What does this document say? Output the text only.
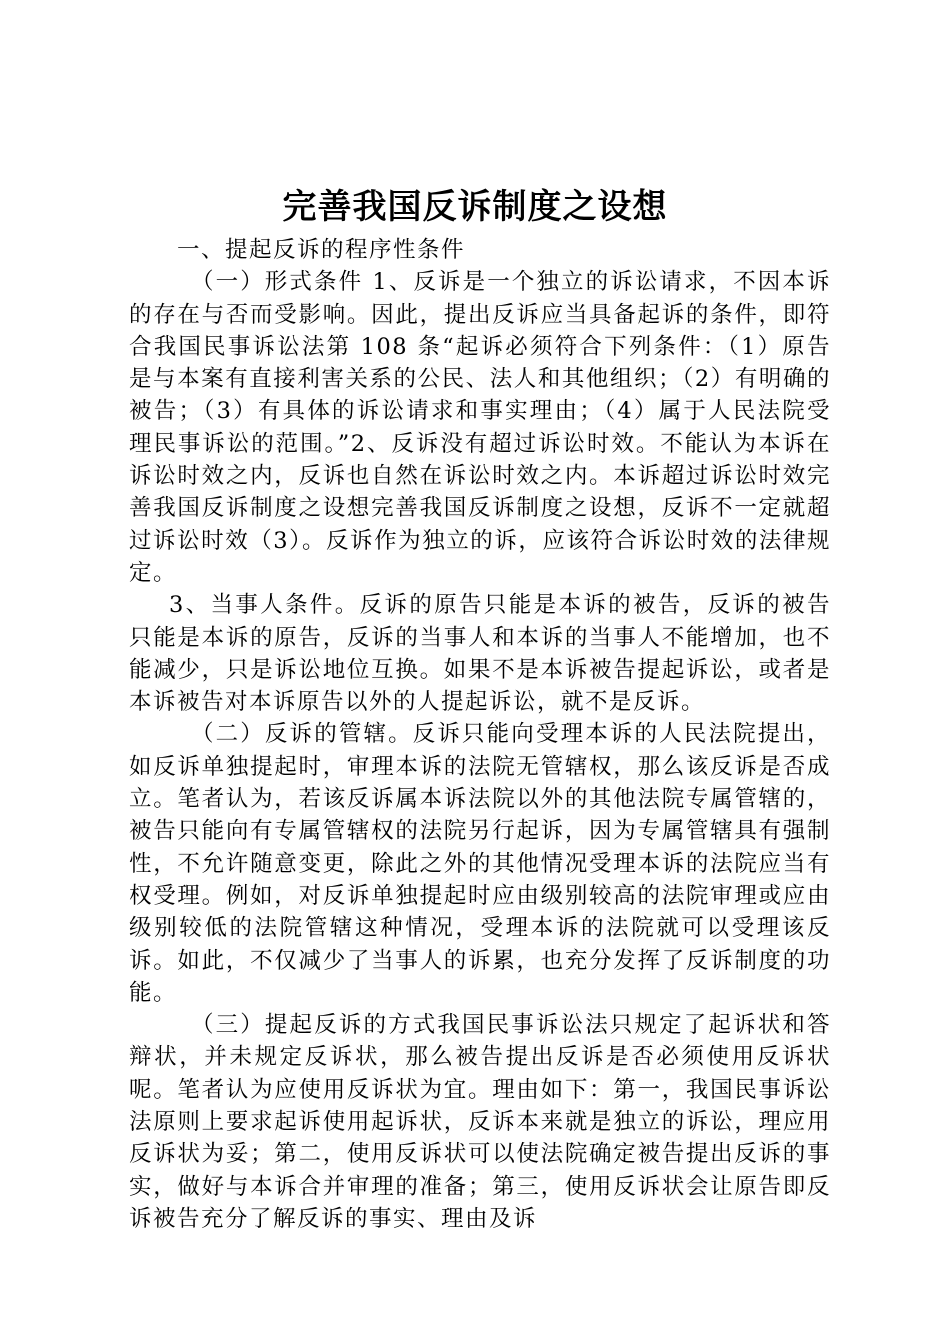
完善我国反诉制度之设想

一、提起反诉的程序性条件

（一）形式条件 1、反诉是一个独立的诉讼请求，不因本诉的存在与否而受影响。因此，提出反诉应当具备起诉的条件，即符合我国民事诉讼法第 108 条“起诉必须符合下列条件：（1）原告是与本案有直接利害关系的公民、法人和其他组织；（2）有明确的被告；（3）有具体的诉讼请求和事实理由；（4）属于人民法院受理民事诉讼的范围。”2、反诉没有超过诉讼时效。不能认为本诉在诉讼时效之内，反诉也自然在诉讼时效之内。本诉超过诉讼时效完善我国反诉制度之设想完善我国反诉制度之设想，反诉不一定就超过诉讼时效（3）。反诉作为独立的诉，应该符合诉讼时效的法律规定。

3、当事人条件。反诉的原告只能是本诉的被告，反诉的被告只能是本诉的原告，反诉的当事人和本诉的当事人不能增加，也不能减少，只是诉讼地位互换。如果不是本诉被告提起诉讼，或者是本诉被告对本诉原告以外的人提起诉讼，就不是反诉。

（二）反诉的管辖。反诉只能向受理本诉的人民法院提出，如反诉单独提起时，审理本诉的法院无管辖权，那么该反诉是否成立。笔者认为，若该反诉属本诉法院以外的其他法院专属管辖的，被告只能向有专属管辖权的法院另行起诉，因为专属管辖具有强制性，不允许随意变更，除此之外的其他情况受理本诉的法院应当有权受理。例如，对反诉单独提起时应由级别较高的法院审理或应由级别较低的法院管辖这种情况，受理本诉的法院就可以受理该反诉。如此，不仅减少了当事人的诉累，也充分发挥了反诉制度的功能。

（三）提起反诉的方式我国民事诉讼法只规定了起诉状和答辩状，并未规定反诉状，那么被告提出反诉是否必须使用反诉状呢。笔者认为应使用反诉状为宜。理由如下：第一，我国民事诉讼法原则上要求起诉使用起诉状，反诉本来就是独立的诉讼，理应用反诉状为妥；第二，使用反诉状可以使法院确定被告提出反诉的事实，做好与本诉合并审理的准备；第三，使用反诉状会让原告即反诉被告充分了解反诉的事实、理由及诉
